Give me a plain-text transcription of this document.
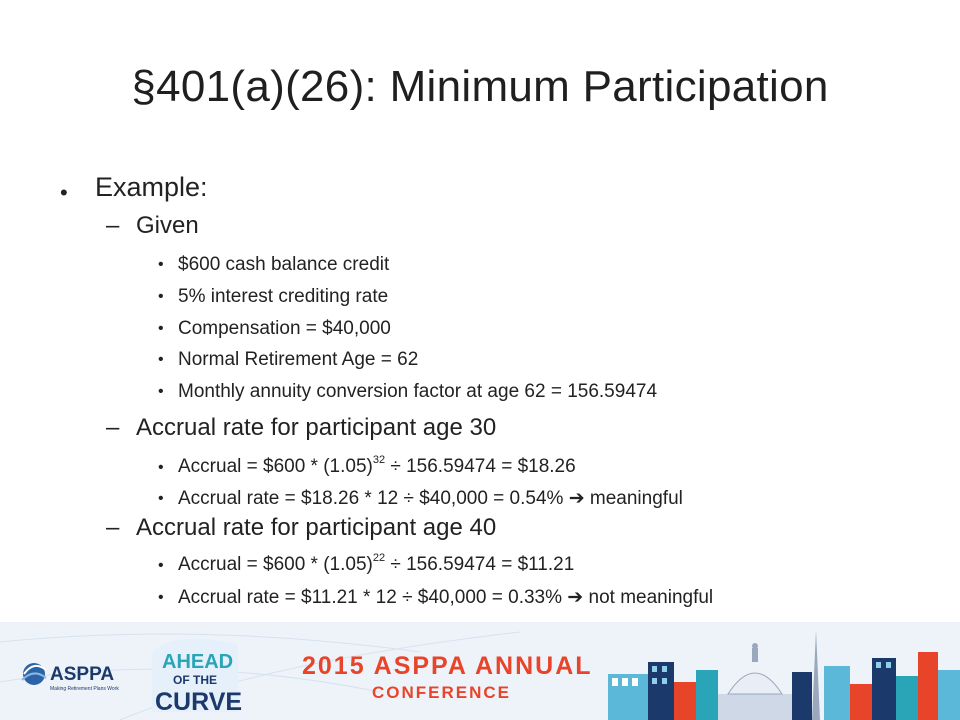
§401(a)(26): Minimum Participation
• Example:
– Given
• $600 cash balance credit
• 5% interest crediting rate
• Compensation = $40,000
• Normal Retirement Age = 62
• Monthly annuity conversion factor at age 62 = 156.59474
– Accrual rate for participant age 30
• Accrual = $600 * $(1.05)^{32} \div 156.59474$ = $18.26
• Accrual rate = $18.26 * 12 ÷ $40,000 = 0.54% ➔ meaningful
– Accrual rate for participant age 40
• Accrual = $600 * $(1.05)^{22} \div 156.59474$ = $11.21
• Accrual rate = $11.21 * 12 ÷ $40,000 = 0.33% ➔ not meaningful
ASPPA
Making Retirement Plans Work
AHEAD
OF THE
CURVE
2015 ASPPA ANNUAL
CONFERENCE
